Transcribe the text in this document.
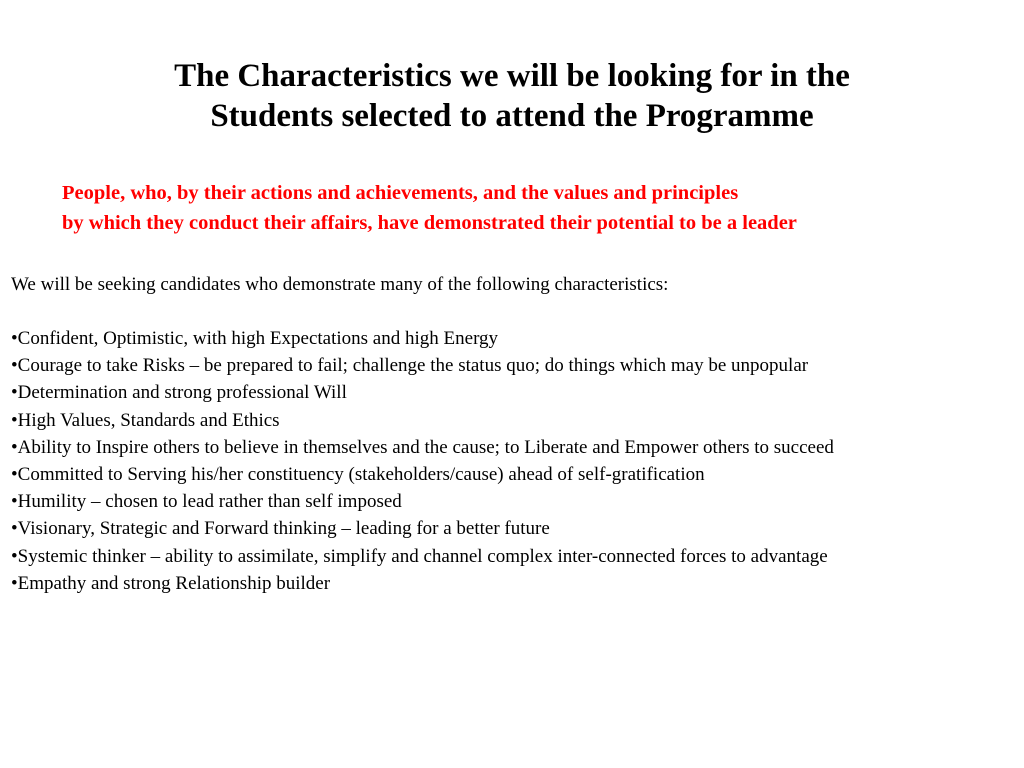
The Characteristics we will be looking for in the
Students selected to attend the Programme

People, who, by their actions and achievements, and the values and principles
by which they conduct their affairs, have demonstrated their potential to be a leader

We will be seeking candidates who demonstrate many of the following characteristics:

•Confident, Optimistic, with high Expectations and high Energy
•Courage to take Risks – be prepared to fail; challenge the status quo; do things which may be unpopular
•Determination and strong professional Will
•High Values, Standards and Ethics
•Ability to Inspire others to believe in themselves and the cause; to Liberate and Empower others to succeed
•Committed to Serving his/her constituency (stakeholders/cause) ahead of self-gratification
•Humility – chosen to lead rather than self imposed
•Visionary, Strategic and Forward thinking – leading for a better future
•Systemic thinker – ability to assimilate, simplify and channel complex inter-connected forces to advantage
•Empathy and strong Relationship builder
